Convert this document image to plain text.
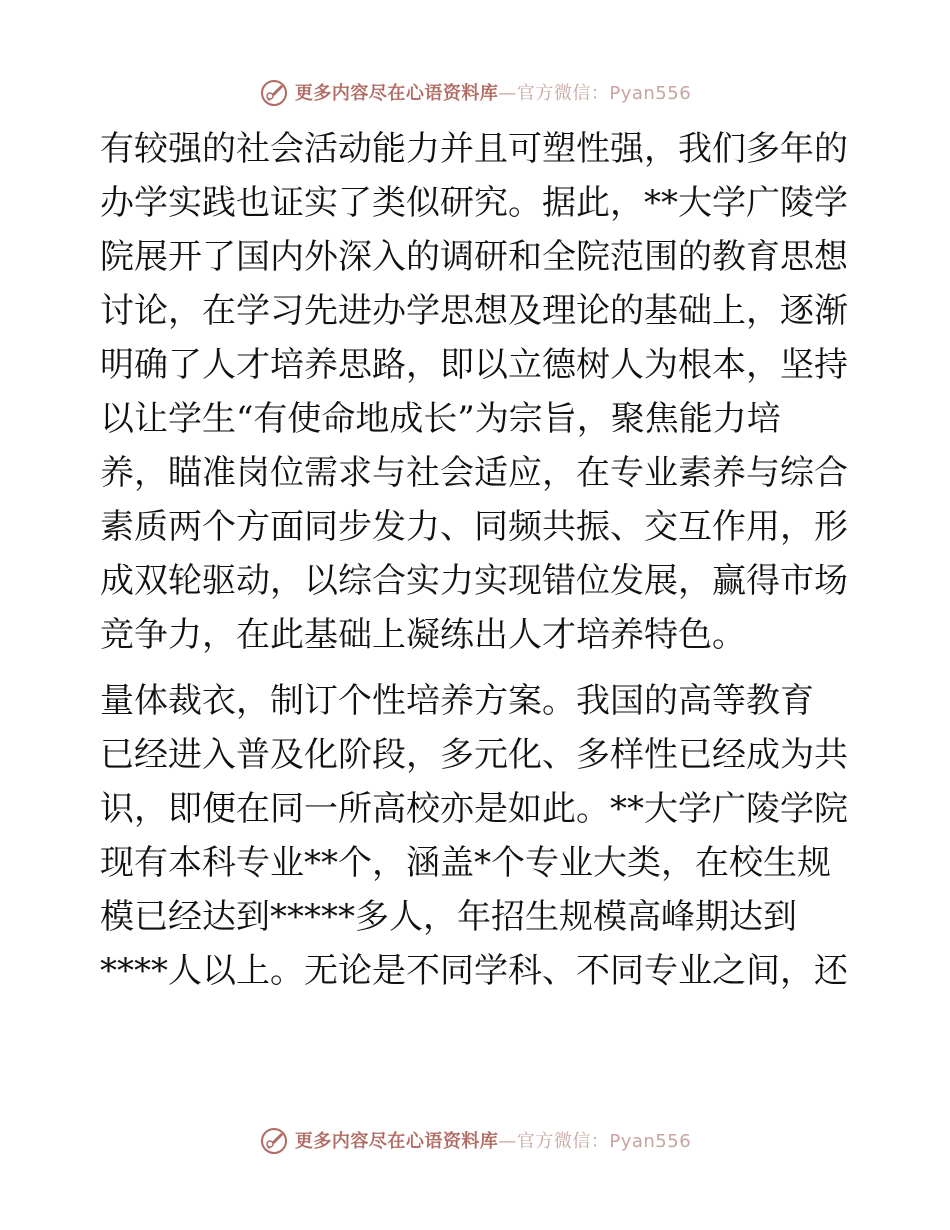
更多内容尽在心语资料库—官方微信：Pyan556
有较强的社会活动能力并且可塑性强，我们多年的
办学实践也证实了类似研究。据此，**大学广陵学
院展开了国内外深入的调研和全院范围的教育思想
讨论，在学习先进办学思想及理论的基础上，逐渐
明确了人才培养思路，即以立德树人为根本，坚持
以让学生“有使命地成长”为宗旨，聚焦能力培
养，瞄准岗位需求与社会适应，在专业素养与综合
素质两个方面同步发力、同频共振、交互作用，形
成双轮驱动，以综合实力实现错位发展，赢得市场
竞争力，在此基础上凝练出人才培养特色。
量体裁衣，制订个性培养方案。我国的高等教育
已经进入普及化阶段，多元化、多样性已经成为共
识，即便在同一所高校亦是如此。**大学广陵学院
现有本科专业**个，涵盖*个专业大类，在校生规
模已经达到*****多人，年招生规模高峰期达到
****人以上。无论是不同学科、不同专业之间，还
更多内容尽在心语资料库—官方微信：Pyan556
